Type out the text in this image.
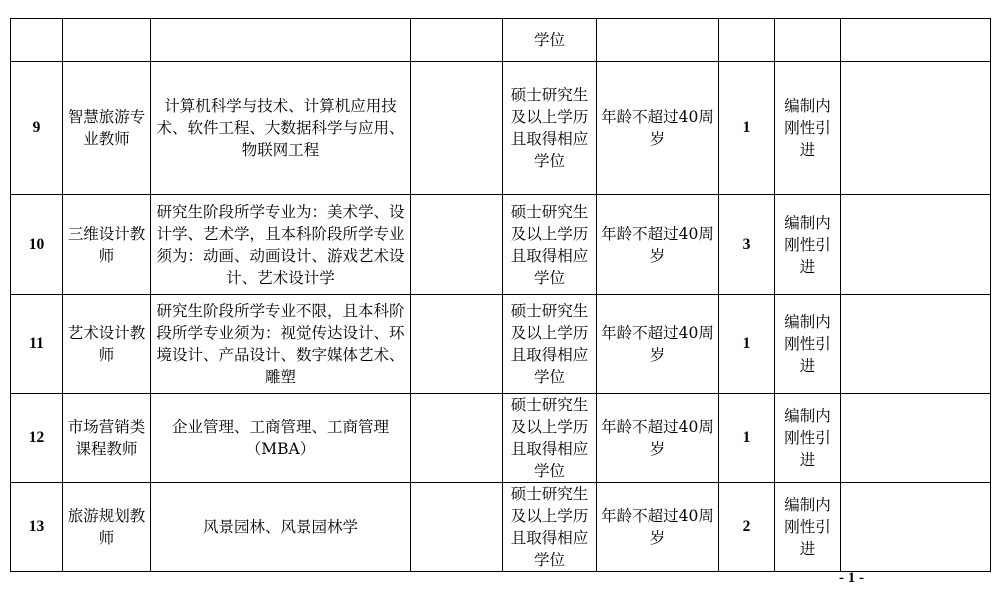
				学位				
9	智慧旅游专业教师	计算机科学与技术、计算机应用技术、软件工程、大数据科学与应用、物联网工程		硕士研究生及以上学历且取得相应学位	年龄不超过40周岁	1	编制内刚性引进	
10	三维设计教师	研究生阶段所学专业为：美术学、设计学、艺术学，且本科阶段所学专业须为：动画、动画设计、游戏艺术设计、艺术设计学		硕士研究生及以上学历且取得相应学位	年龄不超过40周岁	3	编制内刚性引进	
11	艺术设计教师	研究生阶段所学专业不限，且本科阶段所学专业须为：视觉传达设计、环境设计、产品设计、数字媒体艺术、雕塑		硕士研究生及以上学历且取得相应学位	年龄不超过40周岁	1	编制内刚性引进	
12	市场营销类课程教师	企业管理、工商管理、工商管理（MBA）		硕士研究生及以上学历且取得相应学位	年龄不超过40周岁	1	编制内刚性引进	
13	旅游规划教师	风景园林、风景园林学		硕士研究生及以上学历且取得相应学位	年龄不超过40周岁	2	编制内刚性引进	
- 1 -
